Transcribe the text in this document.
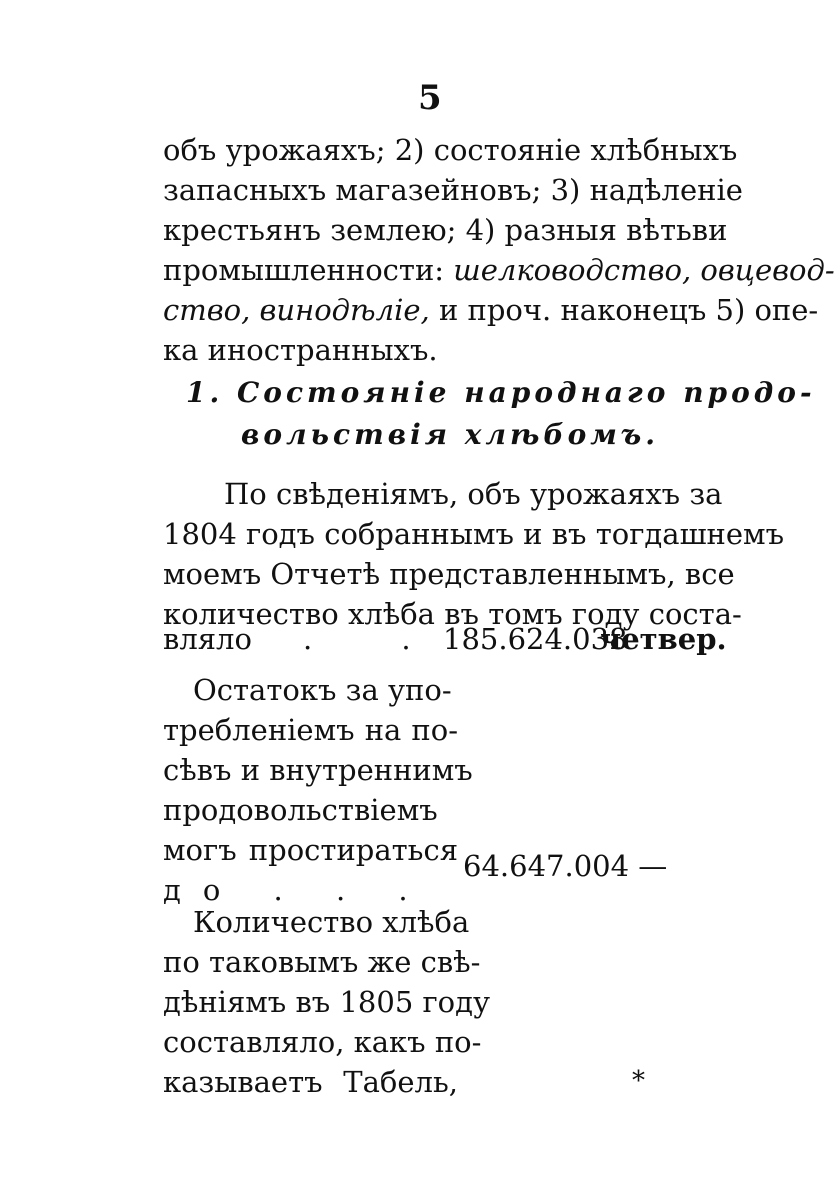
5
объ урожаяхъ; 2) состояніе хлѣбныхъ
запасныхъ магазейновъ; 3) надѣленіе
крестьянъ землею; 4) разныя вѣтьви
промышленности: шелководство, овцевод-
ство, винодѣліе, и проч. наконецъ 5) опе-
ка иностранныхъ.
1. Состояніе народнаго продо-
вольствія хлѣбомъ.
По свѣденіямъ, объ урожаяхъ за
1804 годъ собраннымъ и въ тогдашнемъ
моемъ Отчетѣ представленнымъ, все
количество хлѣба въ томъ году соста-
вляло . .
185.624.038
четвер.
Остатокъ за упо-
требленіемъ на по-
сѣвъ и внутреннимъ
продовольствіемъ
могъ простираться
до . . .
64.647.004 —
Количество хлѣба
по таковымъ же свѣ-
дѣніямъ въ 1805 году
составляло, какъ по-
казываетъ Табель,	*
